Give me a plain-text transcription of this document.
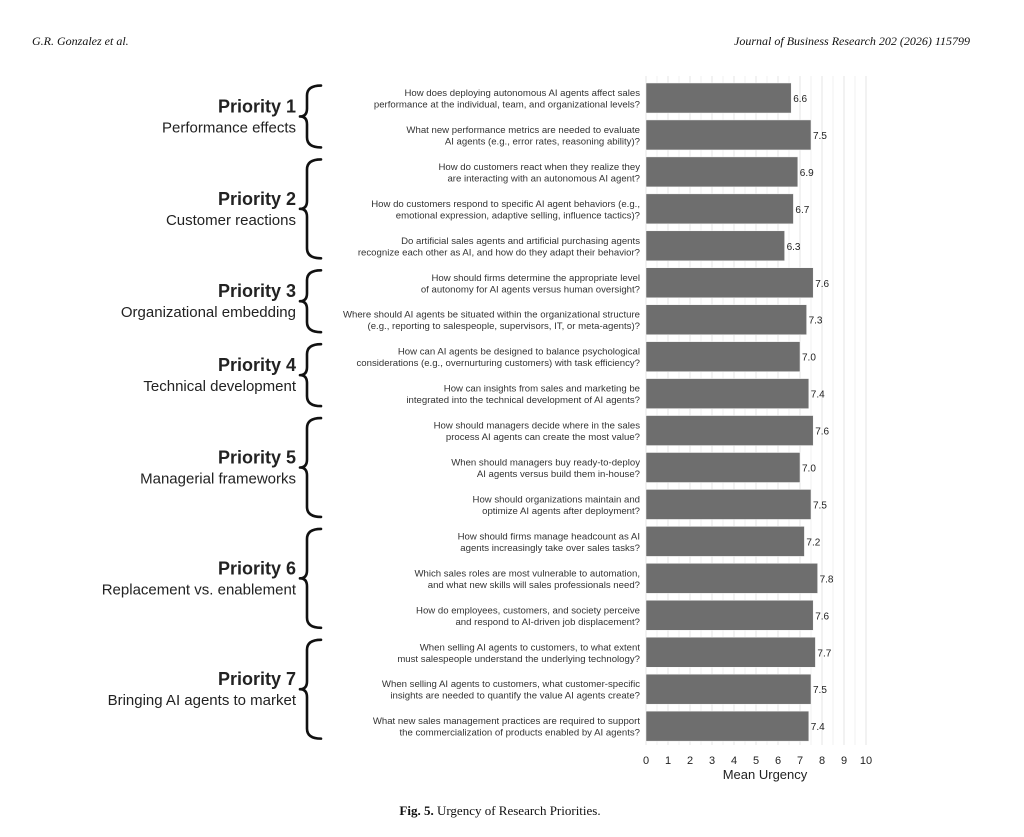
G.R. Gonzalez et al.	Journal of Business Research 202 (2026) 115799
How does deploying autonomous AI agents affect sales
performance at the individual, team, and organizational levels?	6.6
What new performance metrics are needed to evaluate
AI agents (e.g., error rates, reasoning ability)?	7.5
Priority 1
Performance effects
How do customers react when they realize they
are interacting with an autonomous AI agent?	6.9
How do customers respond to specific AI agent behaviors (e.g.,
emotional expression, adaptive selling, influence tactics)?	6.7
Do artificial sales agents and artificial purchasing agents
recognize each other as AI, and how do they adapt their behavior?	6.3
Priority 2
Customer reactions
How should firms determine the appropriate level
of autonomy for AI agents versus human oversight?	7.6
Where should AI agents be situated within the organizational structure
(e.g., reporting to salespeople, supervisors, IT, or meta-agents)?	7.3
Priority 3
Organizational embedding
How can AI agents be designed to balance psychological
considerations (e.g., overnurturing customers) with task efficiency?	7.0
How can insights from sales and marketing be
integrated into the technical development of AI agents?	7.4
Priority 4
Technical development
How should managers decide where in the sales
process AI agents can create the most value?	7.6
When should managers buy ready-to-deploy
AI agents versus build them in-house?	7.0
How should organizations maintain and
optimize AI agents after deployment?	7.5
Priority 5
Managerial frameworks
How should firms manage headcount as AI
agents increasingly take over sales tasks?	7.2
Which sales roles are most vulnerable to automation,
and what new skills will sales professionals need?	7.8
How do employees, customers, and society perceive
and respond to AI-driven job displacement?	7.6
Priority 6
Replacement vs. enablement
When selling AI agents to customers, to what extent
must salespeople understand the underlying technology?	7.7
When selling AI agents to customers, what customer-specific
insights are needed to quantify the value AI agents create?	7.5
What new sales management practices are required to support
the commercialization of products enabled by AI agents?	7.4
Priority 7
Bringing AI agents to market
0 1 2 3 4 5 6 7 8 9 10
Mean Urgency
Fig. 5. Urgency of Research Priorities.
